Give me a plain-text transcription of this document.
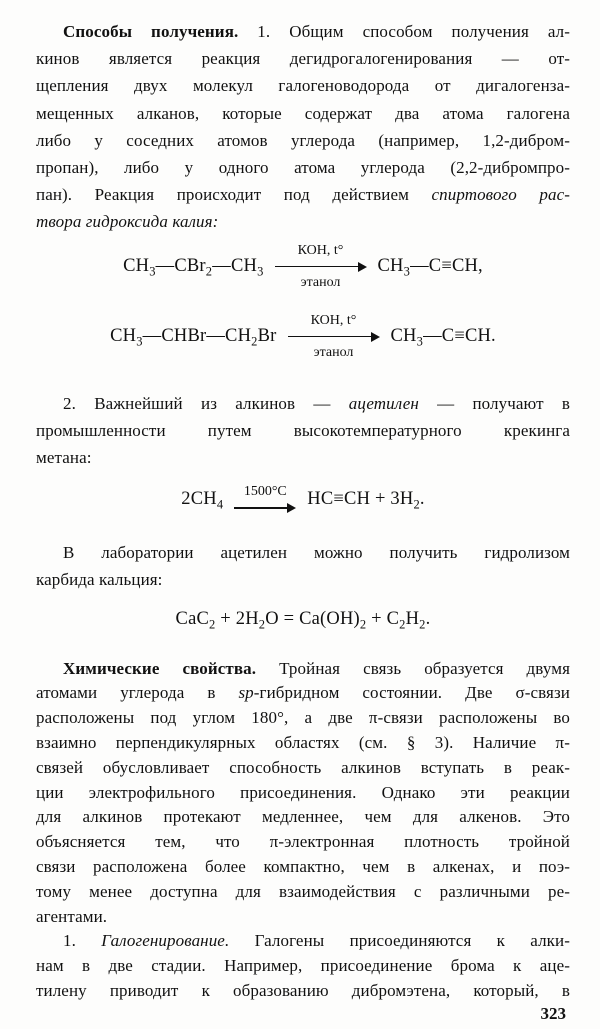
Способы получения. 1. Общим способом получения ал-
кинов является реакция дегидрогалогенирования — от-
щепления двух молекул галогеноводорода от дигалогенза-
мещенных алканов, которые содержат два атома галогена
либо у соседних атомов углерода (например, 1,2-дибром-
пропан), либо у одного атома углерода (2,2-дибромпро-
пан). Реакция происходит под действием спиртового рас-
твора гидроксида калия:
$CH_3—CBr_2—CH_3$
КОН, t°
этанол
$CH_3—C\equiv CH$,
$CH_3—CHBr—CH_2Br$
КОН, t°
этанол
$CH_3—C\equiv CH$.
2. Важнейший из алкинов — ацетилен — получают в
промышленности путем высокотемпературного крекинга
метана:
$2CH_4$
1500°C $HC\equiv CH + 3H_2$.
В лаборатории ацетилен можно получить гидролизом
карбида кальция:
$CaC_2 + 2H_2O = Ca(OH)_2 + C_2H_2$.
Химические свойства. Тройная связь образуется двумя
атомами углерода в sp-гибридном состоянии. Две σ-связи
расположены под углом 180°, а две π-связи расположены во
взаимно перпендикулярных областях (см. § 3). Наличие π-
связей обусловливает способность алкинов вступать в реак-
ции электрофильного присоединения. Однако эти реакции
для алкинов протекают медленнее, чем для алкенов. Это
объясняется тем, что π-электронная плотность тройной
связи расположена более компактно, чем в алкенах, и поэ-
тому менее доступна для взаимодействия с различными ре-
агентами.
1. Галогенирование. Галогены присоединяются к алки-
нам в две стадии. Например, присоединение брома к аце-
тилену приводит к образованию дибромэтена, который, в
323
